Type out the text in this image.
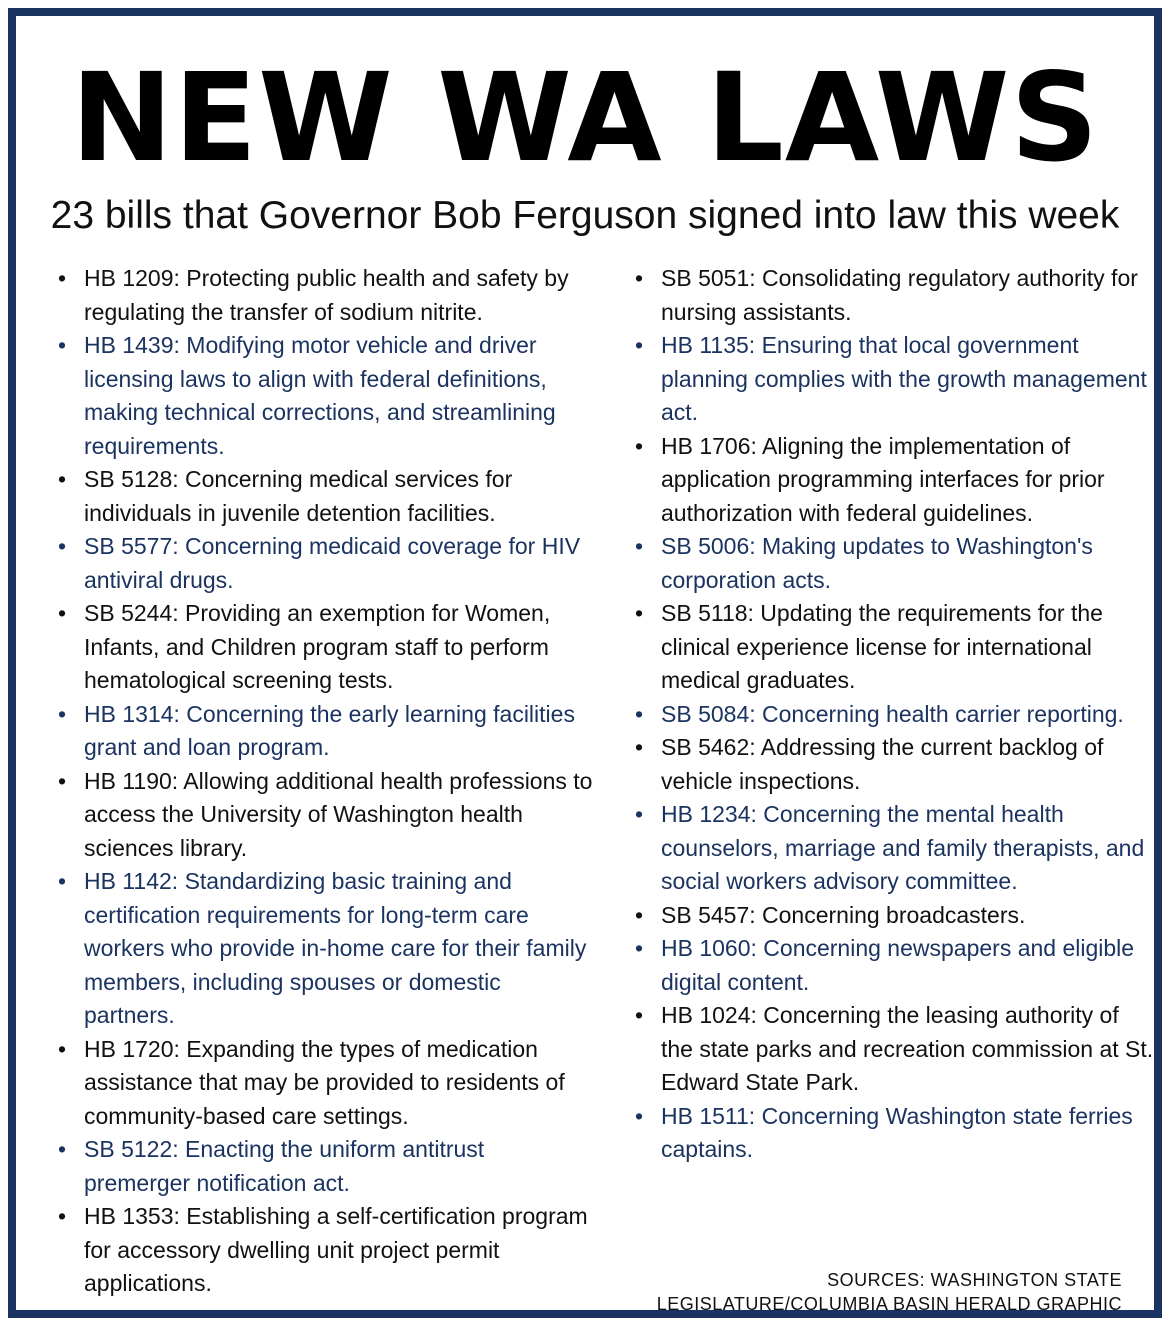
NEW WA LAWS
23 bills that Governor Bob Ferguson signed into law this week
• HB 1209: Protecting public health and safety by regulating the transfer of sodium nitrite.
• HB 1439: Modifying motor vehicle and driver licensing laws to align with federal definitions, making technical corrections, and streamlining requirements.
• SB 5128: Concerning medical services for individuals in juvenile detention facilities.
• SB 5577: Concerning medicaid coverage for HIV antiviral drugs.
• SB 5244: Providing an exemption for Women, Infants, and Children program staff to perform hematological screening tests.
• HB 1314: Concerning the early learning facilities grant and loan program.
• HB 1190: Allowing additional health professions to access the University of Washington health sciences library.
• HB 1142: Standardizing basic training and certification requirements for long-term care workers who provide in-home care for their family members, including spouses or domestic partners.
• HB 1720: Expanding the types of medication assistance that may be provided to residents of community-based care settings.
• SB 5122: Enacting the uniform antitrust premerger notification act.
• HB 1353: Establishing a self-certification program for accessory dwelling unit project permit applications.
• SB 5051: Consolidating regulatory authority for nursing assistants.
• HB 1135: Ensuring that local government planning complies with the growth management act.
• HB 1706: Aligning the implementation of application programming interfaces for prior authorization with federal guidelines.
• SB 5006: Making updates to Washington's corporation acts.
• SB 5118: Updating the requirements for the clinical experience license for international medical graduates.
• SB 5084: Concerning health carrier reporting.
• SB 5462: Addressing the current backlog of vehicle inspections.
• HB 1234: Concerning the mental health counselors, marriage and family therapists, and social workers advisory committee.
• SB 5457: Concerning broadcasters.
• HB 1060: Concerning newspapers and eligible digital content.
• HB 1024: Concerning the leasing authority of the state parks and recreation commission at St. Edward State Park.
• HB 1511: Concerning Washington state ferries captains.
SOURCES: WASHINGTON STATE
LEGISLATURE/COLUMBIA BASIN HERALD GRAPHIC
